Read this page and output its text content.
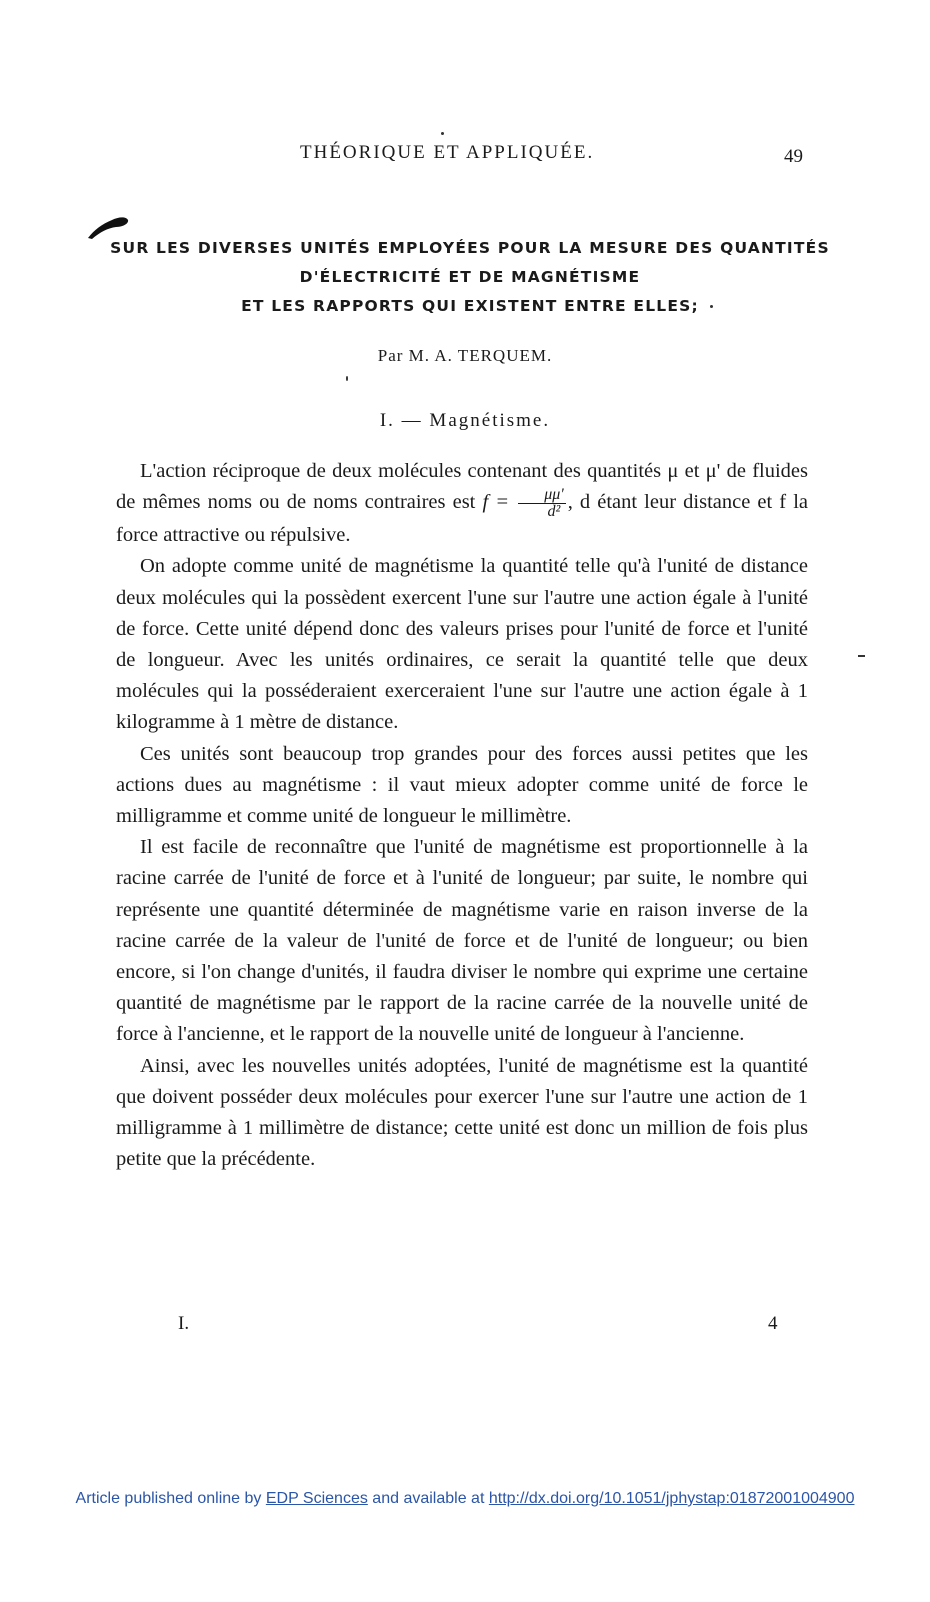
THÉORIQUE ET APPLIQUÉE.	49
SUR LES DIVERSES UNITÉS EMPLOYÉES POUR LA MESURE DES QUANTITÉS
D'ÉLECTRICITÉ ET DE MAGNÉTISME
ET LES RAPPORTS QUI EXISTENT ENTRE ELLES;
Par M. A. TERQUEM.
I. — Magnétisme.

L'action réciproque de deux molécules contenant des quantités μ et μ' de fluides de mêmes noms ou de noms contraires est $f = \frac{\mu\mu'}{\text{d²}}$ , d étant leur distance et f la force attractive ou répulsive.

On adopte comme unité de magnétisme la quantité telle qu'à l'unité de distance deux molécules qui la possèdent exercent l'une sur l'autre une action égale à l'unité de force. Cette unité dépend donc des valeurs prises pour l'unité de force et l'unité de longueur. Avec les unités ordinaires, ce serait la quantité telle que deux molécules qui la posséderaient exerceraient l'une sur l'autre une action égale à 1 kilogramme à 1 mètre de distance.

Ces unités sont beaucoup trop grandes pour des forces aussi petites que les actions dues au magnétisme : il vaut mieux adopter comme unité de force le milligramme et comme unité de longueur le millimètre.

Il est facile de reconnaître que l'unité de magnétisme est proportionnelle à la racine carrée de l'unité de force et à l'unité de longueur; par suite, le nombre qui représente une quantité déterminée de magnétisme varie en raison inverse de la racine carrée de la valeur de l'unité de force et de l'unité de longueur; ou bien encore, si l'on change d'unités, il faudra diviser le nombre qui exprime une certaine quantité de magnétisme par le rapport de la racine carrée de la nouvelle unité de force à l'ancienne, et le rapport de la nouvelle unité de longueur à l'ancienne.

Ainsi, avec les nouvelles unités adoptées, l'unité de magnétisme est la quantité que doivent posséder deux molécules pour exercer l'une sur l'autre une action de 1 milligramme à 1 millimètre de distance; cette unité est donc un million de fois plus petite que la précédente.

I.	4
Article published online by EDP Sciences and available at http://dx.doi.org/10.1051/jphystap:01872001004900
